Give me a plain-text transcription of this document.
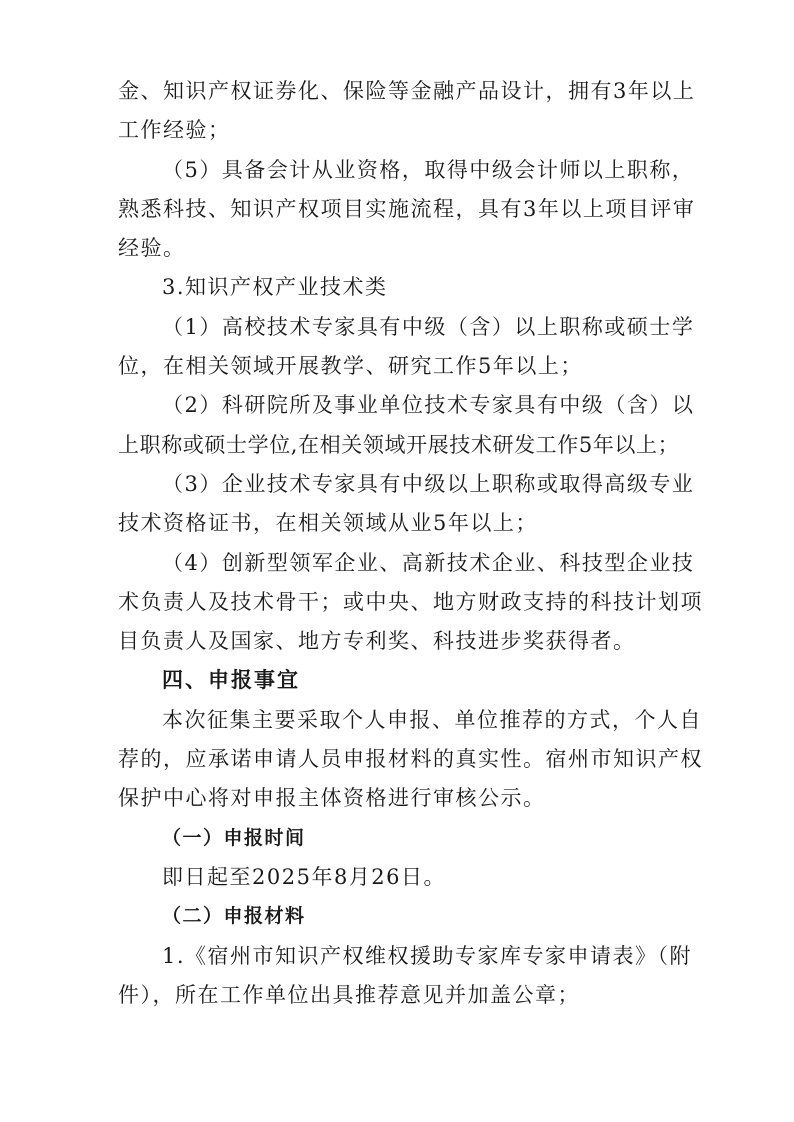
金、知识产权证券化、保险等金融产品设计，拥有3年以上
工作经验；
（5）具备会计从业资格，取得中级会计师以上职称，
熟悉科技、知识产权项目实施流程，具有3年以上项目评审
经验。
3.知识产权产业技术类
（1）高校技术专家具有中级（含）以上职称或硕士学
位，在相关领域开展教学、研究工作5年以上；
（2）科研院所及事业单位技术专家具有中级（含）以
上职称或硕士学位,在相关领域开展技术研发工作5年以上；
（3）企业技术专家具有中级以上职称或取得高级专业
技术资格证书，在相关领域从业5年以上；
（4）创新型领军企业、高新技术企业、科技型企业技
术负责人及技术骨干；或中央、地方财政支持的科技计划项
目负责人及国家、地方专利奖、科技进步奖获得者。
四、申报事宜
本次征集主要采取个人申报、单位推荐的方式，个人自
荐的，应承诺申请人员申报材料的真实性。宿州市知识产权
保护中心将对申报主体资格进行审核公示。
（一）申报时间
即日起至2025年8月26日。
（二）申报材料
1.《宿州市知识产权维权援助专家库专家申请表》（附
件），所在工作单位出具推荐意见并加盖公章；
